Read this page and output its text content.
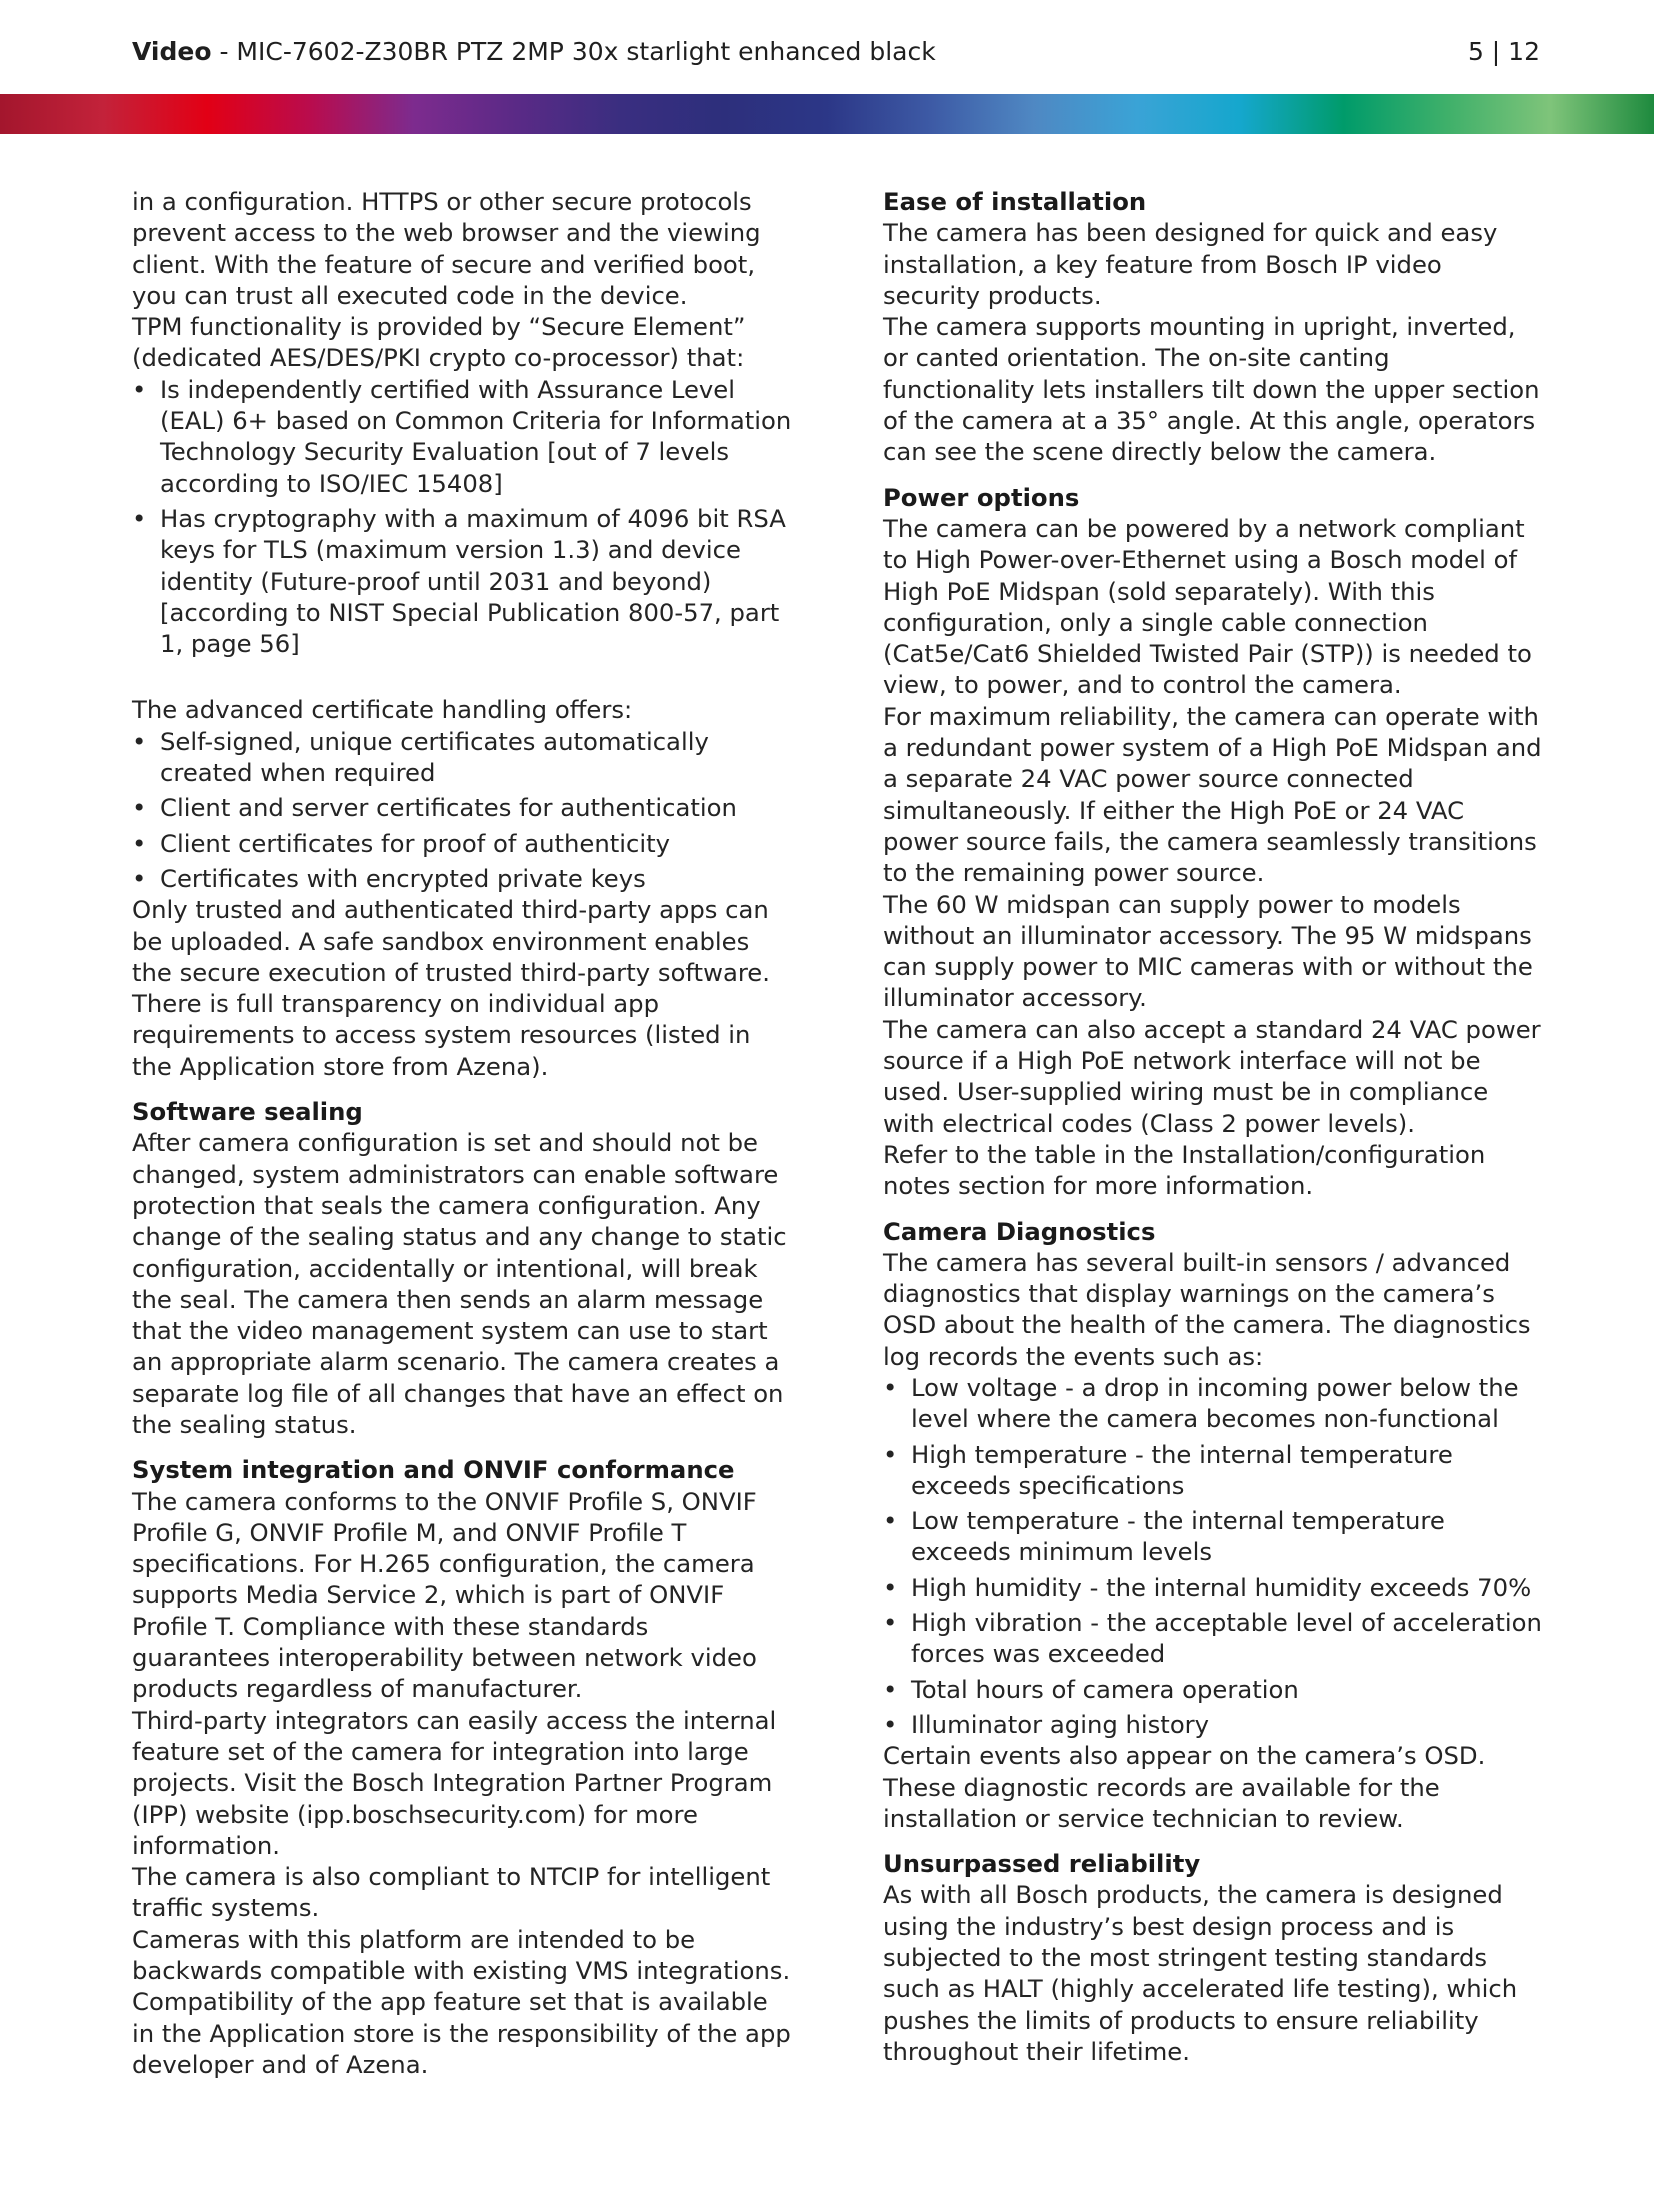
Video - MIC-7602-Z30BR PTZ 2MP 30x starlight enhanced black	5 | 12

in a configuration. HTTPS or other secure protocols prevent access to the web browser and the viewing client. With the feature of secure and verified boot, you can trust all executed code in the device.

TPM functionality is provided by “Secure Element” (dedicated AES/DES/PKI crypto co-processor) that:

• Is independently certified with Assurance Level (EAL) 6+ based on Common Criteria for Information Technology Security Evaluation [out of 7 levels according to ISO/IEC 15408]
• Has cryptography with a maximum of 4096 bit RSA keys for TLS (maximum version 1.3) and device identity (Future-proof until 2031 and beyond) [according to NIST Special Publication 800-57, part 1, page 56]

The advanced certificate handling offers:

• Self-signed, unique certificates automatically created when required
• Client and server certificates for authentication
• Client certificates for proof of authenticity
• Certificates with encrypted private keys

Only trusted and authenticated third-party apps can be uploaded. A safe sandbox environment enables the secure execution of trusted third-party software. There is full transparency on individual app requirements to access system resources (listed in the Application store from Azena).

Software sealing

After camera configuration is set and should not be changed, system administrators can enable software protection that seals the camera configuration. Any change of the sealing status and any change to static configuration, accidentally or intentional, will break the seal. The camera then sends an alarm message that the video management system can use to start an appropriate alarm scenario. The camera creates a separate log file of all changes that have an effect on the sealing status.

System integration and ONVIF conformance

The camera conforms to the ONVIF Profile S, ONVIF Profile G, ONVIF Profile M, and ONVIF Profile T specifications. For H.265 configuration, the camera supports Media Service 2, which is part of ONVIF Profile T. Compliance with these standards guarantees interoperability between network video products regardless of manufacturer.

Third-party integrators can easily access the internal feature set of the camera for integration into large projects. Visit the Bosch Integration Partner Program (IPP) website (ipp.boschsecurity.com) for more information.

The camera is also compliant to NTCIP for intelligent traffic systems.

Cameras with this platform are intended to be backwards compatible with existing VMS integrations. Compatibility of the app feature set that is available in the Application store is the responsibility of the app developer and of Azena.

Ease of installation

The camera has been designed for quick and easy installation, a key feature from Bosch IP video security products.

The camera supports mounting in upright, inverted, or canted orientation. The on-site canting functionality lets installers tilt down the upper section of the camera at a 35° angle. At this angle, operators can see the scene directly below the camera.

Power options

The camera can be powered by a network compliant to High Power-over-Ethernet using a Bosch model of High PoE Midspan (sold separately). With this configuration, only a single cable connection (Cat5e/Cat6 Shielded Twisted Pair (STP)) is needed to view, to power, and to control the camera.

For maximum reliability, the camera can operate with a redundant power system of a High PoE Midspan and a separate 24 VAC power source connected simultaneously. If either the High PoE or 24 VAC power source fails, the camera seamlessly transitions to the remaining power source.

The 60 W midspan can supply power to models without an illuminator accessory. The 95 W midspans can supply power to MIC cameras with or without the illuminator accessory.

The camera can also accept a standard 24 VAC power source if a High PoE network interface will not be used. User-supplied wiring must be in compliance with electrical codes (Class 2 power levels).

Refer to the table in the Installation/configuration notes section for more information.

Camera Diagnostics

The camera has several built-in sensors / advanced diagnostics that display warnings on the camera’s OSD about the health of the camera. The diagnostics log records the events such as:

• Low voltage - a drop in incoming power below the level where the camera becomes non-functional
• High temperature - the internal temperature exceeds specifications
• Low temperature - the internal temperature exceeds minimum levels
• High humidity - the internal humidity exceeds 70%
• High vibration - the acceptable level of acceleration forces was exceeded
• Total hours of camera operation
• Illuminator aging history

Certain events also appear on the camera’s OSD. These diagnostic records are available for the installation or service technician to review.

Unsurpassed reliability

As with all Bosch products, the camera is designed using the industry’s best design process and is subjected to the most stringent testing standards such as HALT (highly accelerated life testing), which pushes the limits of products to ensure reliability throughout their lifetime.
